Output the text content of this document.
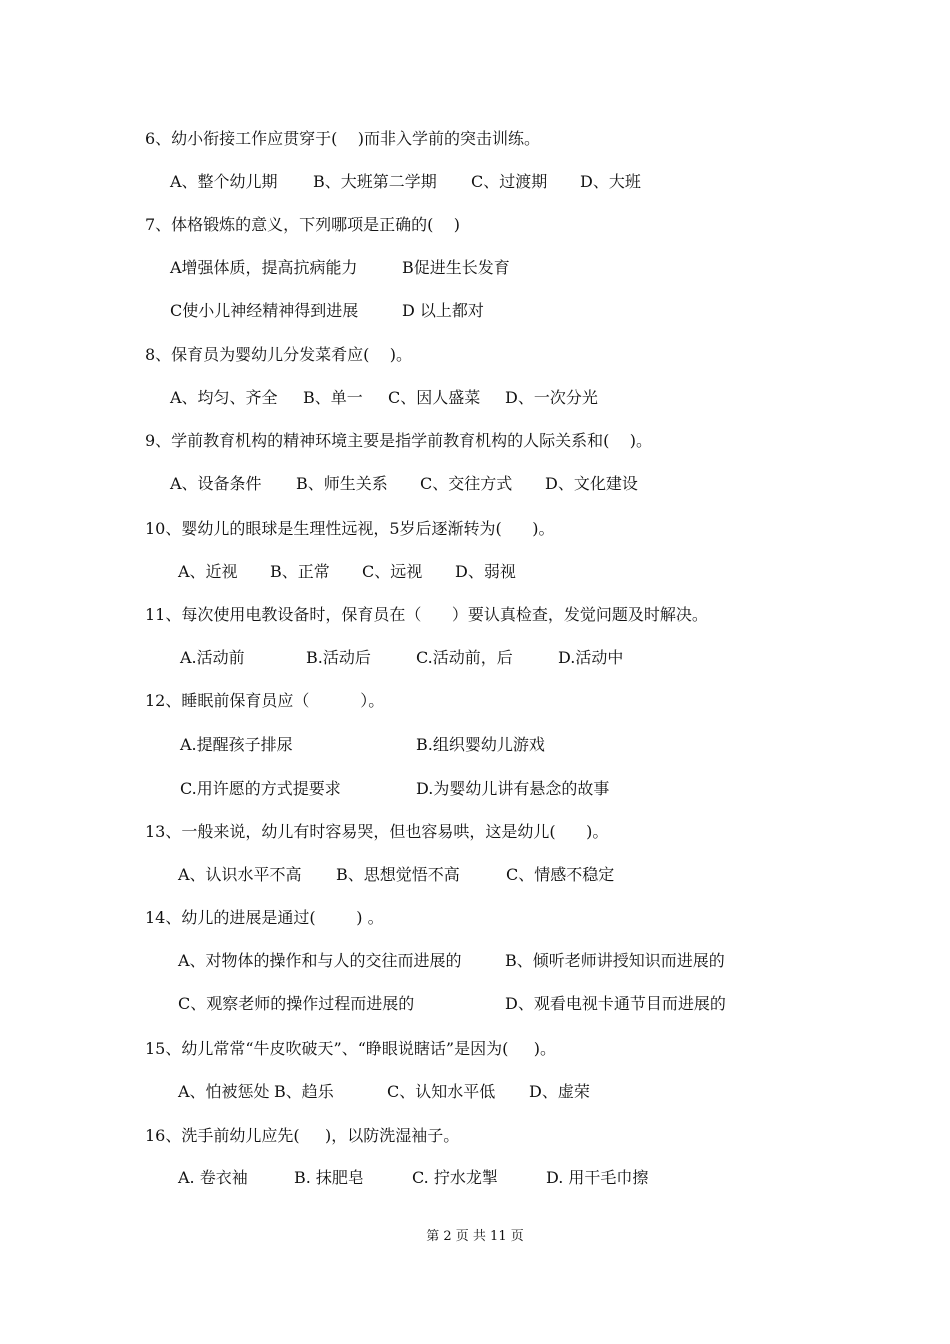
6、幼小衔接工作应贯穿于(    )而非入学前的突击训练。
A、整个幼儿期 B、大班第二学期 C、过渡期 D、大班
7、体格锻炼的意义，下列哪项是正确的(    )
A增强体质，提高抗病能力	B促进生长发育
C使小儿神经精神得到进展	D 以上都对
8、保育员为婴幼儿分发菜肴应(    )。
A、均匀、齐全 B、单一 C、因人盛菜 D、一次分光
9、学前教育机构的精神环境主要是指学前教育机构的人际关系和(    )。
A、设备条件 B、师生关系 C、交往方式 D、文化建设
10、婴幼儿的眼球是生理性远视，5岁后逐渐转为(      )。
A、近视 B、正常 C、远视 D、弱视
11、每次使用电教设备时，保育员在（      ）要认真检查，发觉问题及时解决。
A.活动前	B.活动后	C.活动前，后	D.活动中
12、睡眠前保育员应（          ）。
A.提醒孩子排尿	B.组织婴幼儿游戏
C.用许愿的方式提要求	D.为婴幼儿讲有悬念的故事
13、一般来说，幼儿有时容易哭，但也容易哄，这是幼儿(      )。
A、认识水平不高 B、思想觉悟不高	C、情感不稳定
14、幼儿的进展是通过(        ) 。
A、对物体的操作和与人的交往而进展的	B、倾听老师讲授知识而进展的
C、观察老师的操作过程而进展的	D、观看电视卡通节目而进展的
15、幼儿常常“牛皮吹破天”、“睁眼说瞎话”是因为(     )。
A、怕被惩处 B、趋乐	C、认知水平低 D、虚荣
16、洗手前幼儿应先(     )，以防洗湿袖子。
A. 卷衣袖	B. 抹肥皂	C. 拧水龙掣	D. 用干毛巾擦
第 2 页 共 11 页
